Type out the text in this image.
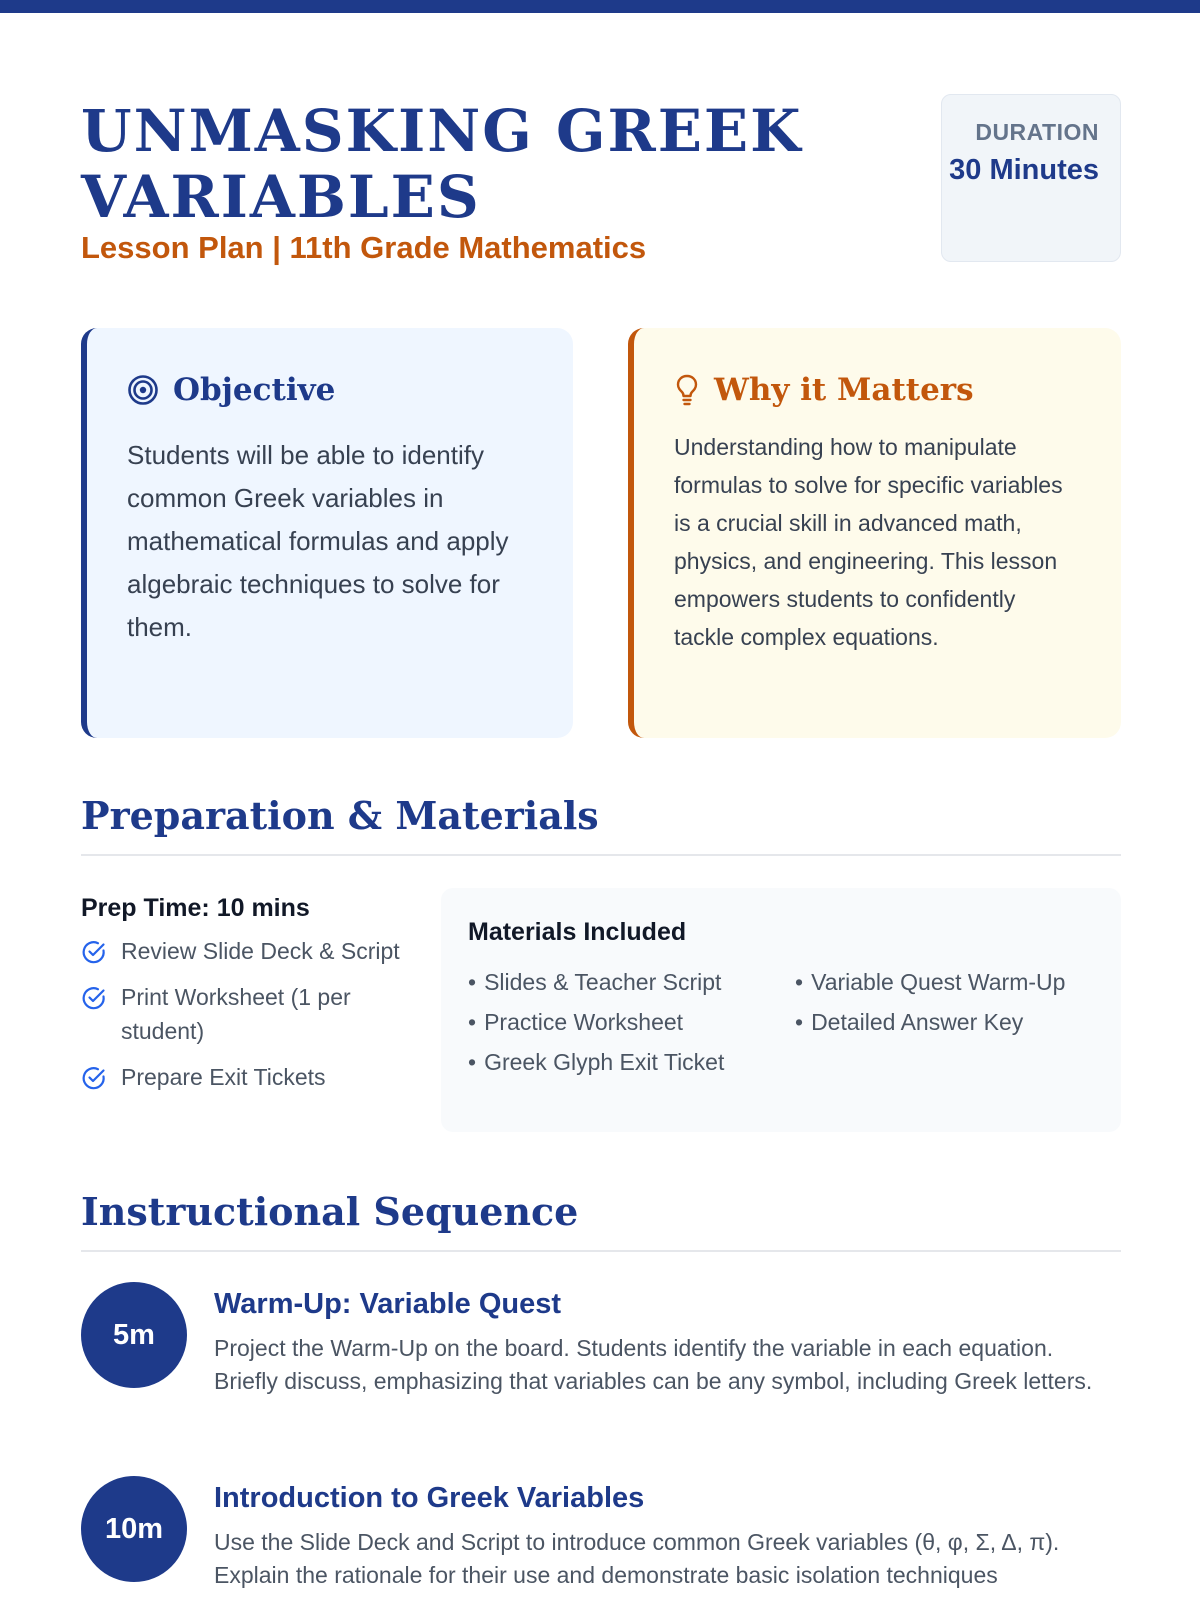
UNMASKING GREEK VARIABLES
Lesson Plan | 11th Grade Mathematics
DURATION
30 Minutes
Objective

Students will be able to identify common Greek variables in mathematical formulas and apply algebraic techniques to solve for them.

Why it Matters

Understanding how to manipulate formulas to solve for specific variables is a crucial skill in advanced math, physics, and engineering. This lesson empowers students to confidently tackle complex equations.

Preparation & Materials
Prep Time: 10 mins
Review Slide Deck & Script
Print Worksheet (1 per student)
Prepare Exit Tickets
Materials Included
• Slides & Teacher Script
• Practice Worksheet
• Greek Glyph Exit Ticket
• Variable Quest Warm-Up
• Detailed Answer Key
Instructional Sequence
5m
Warm-Up: Variable Quest

Project the Warm-Up on the board. Students identify the variable in each equation. Briefly discuss, emphasizing that variables can be any symbol, including Greek letters.

10m
Introduction to Greek Variables

Use the Slide Deck and Script to introduce common Greek variables (θ, φ, Σ, Δ, π). Explain the rationale for their use and demonstrate basic isolation techniques
